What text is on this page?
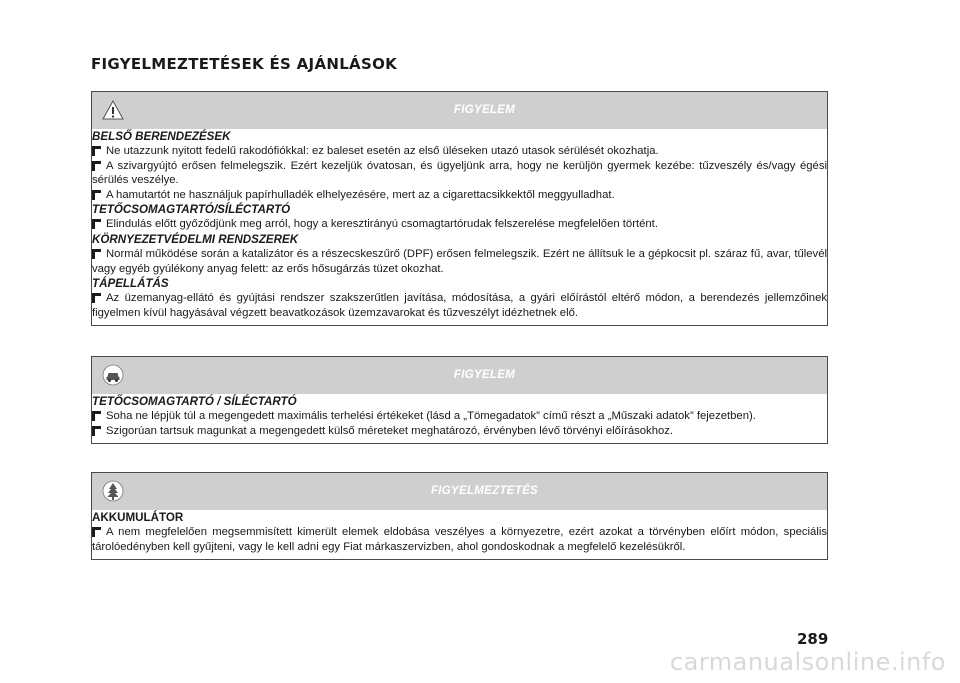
FIGYELMEZTETÉSEK ÉS AJÁNLÁSOK
FIGYELEM

BELSŐ BERENDEZÉSEK

Ne utazzunk nyitott fedelű rakodófiókkal: ez baleset esetén az első üléseken utazó utasok sérülését okozhatja.

A szivargyújtó erősen felmelegszik. Ezért kezeljük óvatosan, és ügyeljünk arra, hogy ne kerüljön gyermek kezébe: tűzveszély és/vagy égési sérülés veszélye.

A hamutartót ne használjuk papírhulladék elhelyezésére, mert az a cigarettacsikkektől meggyulladhat.

TETŐCSOMAGTARTÓ/SÍLÉCTARTÓ

Elindulás előtt győződjünk meg arról, hogy a keresztirányú csomagtartórudak felszerelése megfelelően történt.

KÖRNYEZETVÉDELMI RENDSZEREK

Normál működése során a katalizátor és a részecskeszűrő (DPF) erősen felmelegszik. Ezért ne állítsuk le a gépkocsit pl. száraz fű, avar, tűlevél vagy egyéb gyúlékony anyag felett: az erős hősugárzás tüzet okozhat.

TÁPELLÁTÁS

Az üzemanyag-ellátó és gyújtási rendszer szakszerűtlen javítása, módosítása, a gyári előírástól eltérő módon, a berendezés jellemzőinek figyelmen kívül hagyásával végzett beavatkozások üzemzavarokat és tűzveszélyt idézhetnek elő.

FIGYELEM

TETŐCSOMAGTARTÓ / SÍLÉCTARTÓ

Soha ne lépjük túl a megengedett maximális terhelési értékeket (lásd a „Tömegadatok” című részt a „Műszaki adatok” fejezetben).

Szigorúan tartsuk magunkat a megengedett külső méreteket meghatározó, érvényben lévő törvényi előírásokhoz.

FIGYELMEZTETÉS

AKKUMULÁTOR

A nem megfelelően megsemmisített kimerült elemek eldobása veszélyes a környezetre, ezért azokat a törvényben előírt módon, speciális tárolóedényben kell gyűjteni, vagy le kell adni egy Fiat márkaszervizben, ahol gondoskodnak a megfelelő kezelésükről.

289
carmanualsonline.info
